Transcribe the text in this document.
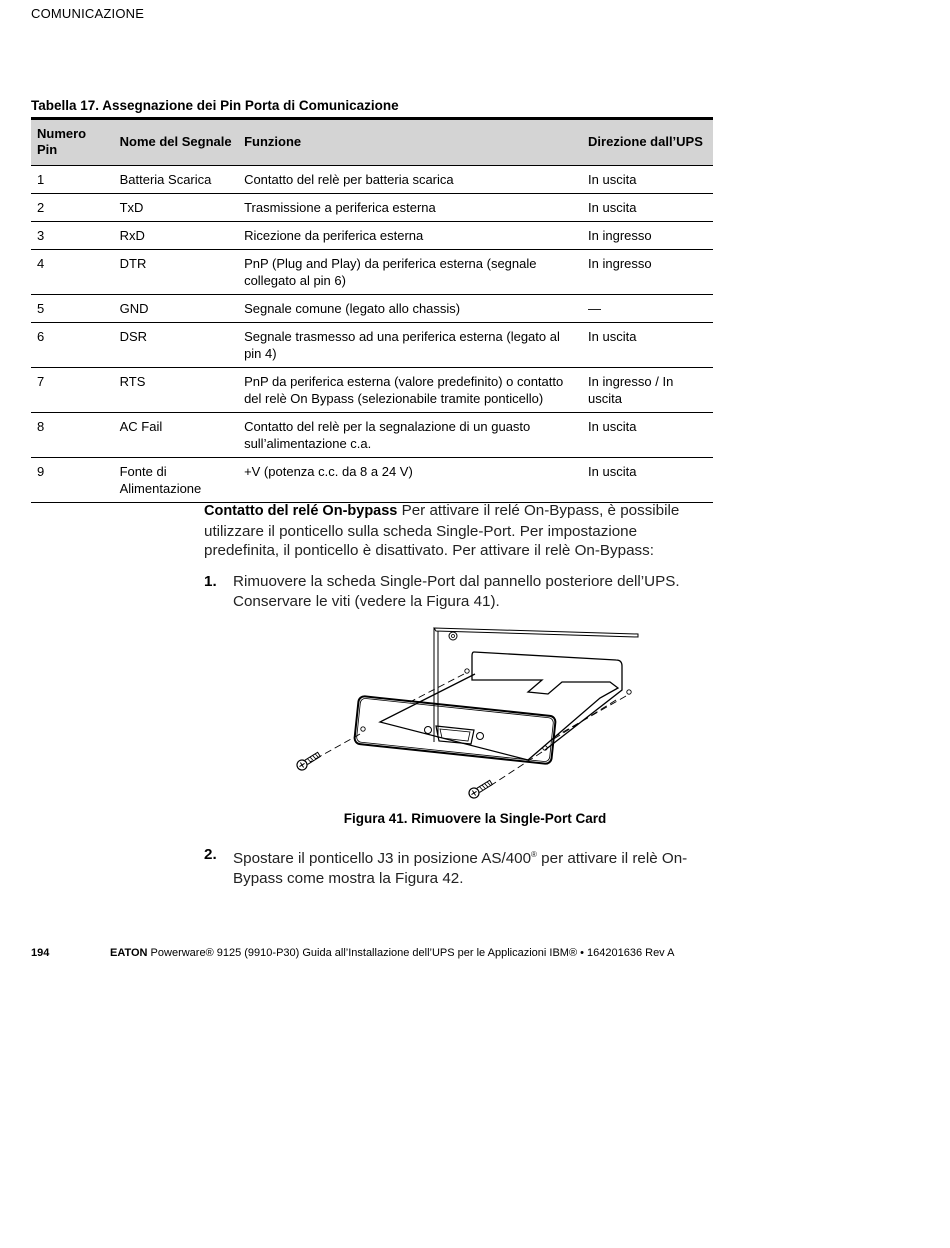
COMUNICAZIONE
Tabella 17. Assegnazione dei Pin Porta di Comunicazione
Numero Pin	Nome del Segnale	Funzione	Direzione dall’UPS
1	Batteria Scarica	Contatto del relè per batteria scarica	In uscita
2	TxD	Trasmissione a periferica esterna	In uscita
3	RxD	Ricezione da periferica esterna	In ingresso
4	DTR	PnP (Plug and Play) da periferica esterna (segnale collegato al pin 6)	In ingresso
5	GND	Segnale comune (legato allo chassis)	—
6	DSR	Segnale trasmesso ad una periferica esterna (legato al pin 4)	In uscita
7	RTS	PnP da periferica esterna (valore predefinito) o contatto del relè On Bypass (selezionabile tramite ponticello)	In ingresso / In uscita
8	AC Fail	Contatto del relè per la segnalazione di un guasto sull’alimentazione c.a.	In uscita
9	Fonte di Alimentazione	+V (potenza c.c. da 8 a 24 V)	In uscita
Contatto del relé On-bypass Per attivare il relé On-Bypass, è possibile utilizzare il ponticello sulla scheda Single-Port. Per impostazione predefinita, il ponticello è disattivato. Per attivare il relè On-Bypass:
1. Rimuovere la scheda Single-Port dal pannello posteriore dell’UPS. Conservare le viti (vedere la Figura 41).
Figura 41. Rimuovere la Single-Port Card
2. Spostare il ponticello J3 in posizione AS/400® per attivare il relè On-Bypass come mostra la Figura 42.
194	EATON Powerware® 9125 (9910-P30) Guida all’Installazione dell’UPS per le Applicazioni IBM® • 164201636 Rev A
